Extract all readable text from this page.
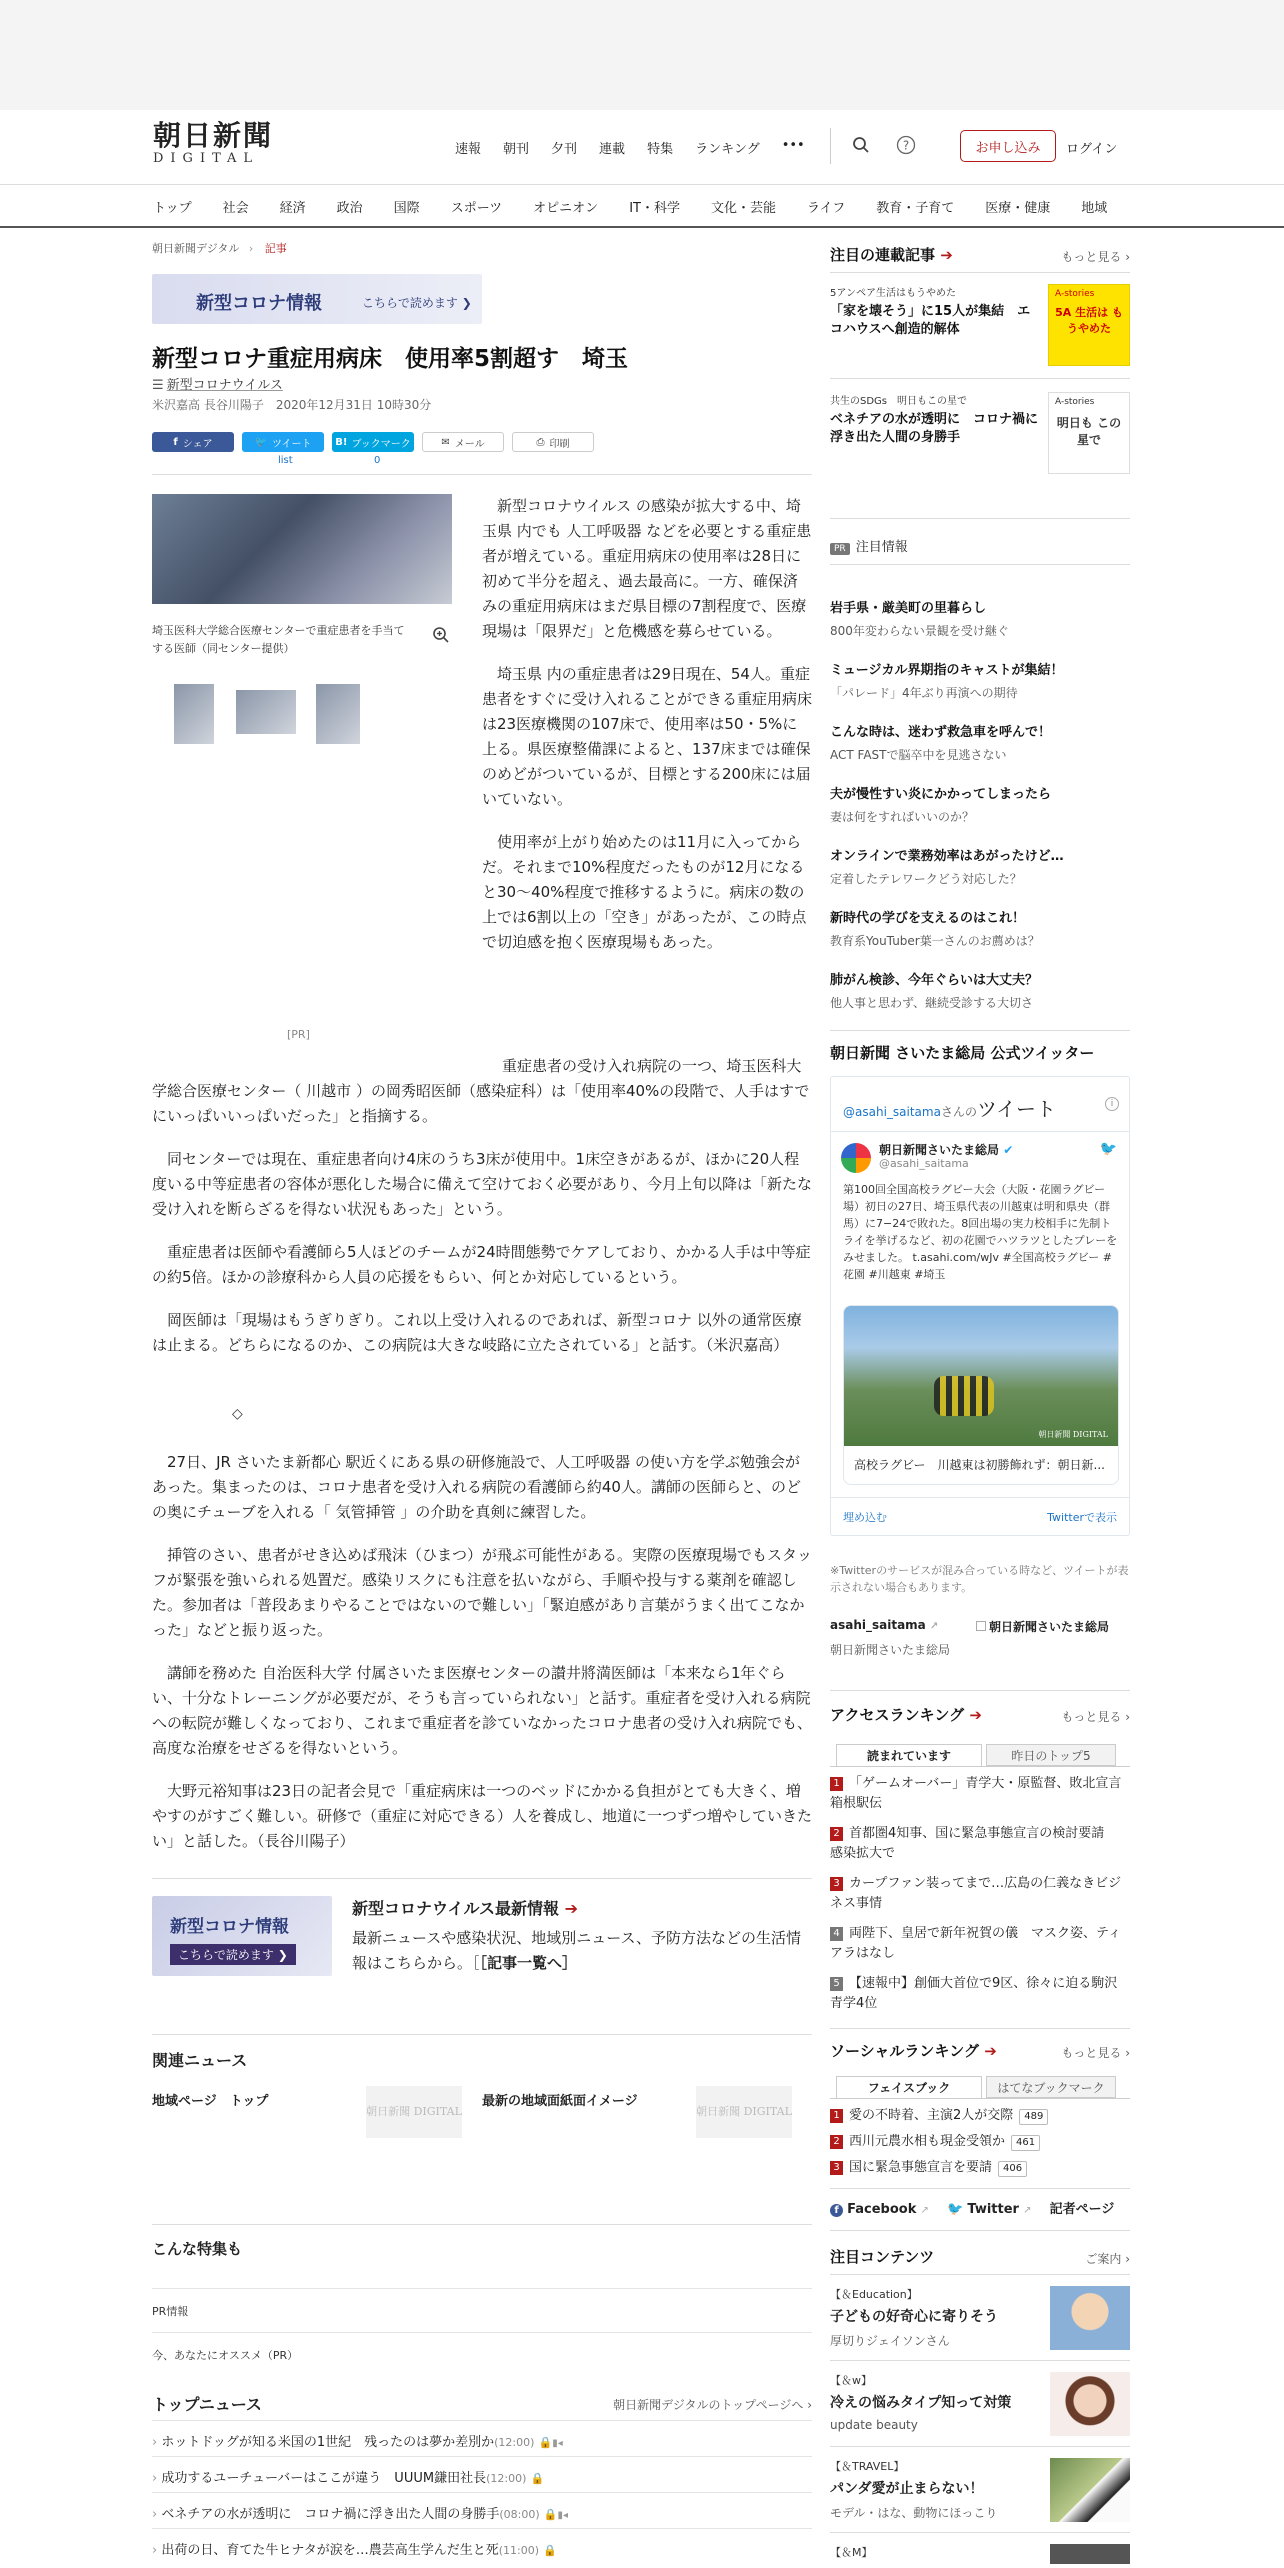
朝日新聞
DIGITAL
速報 朝刊 夕刊 連載 特集 ランキング •••	?	お申し込み	ログイン
トップ 社会 経済 政治 国際 スポーツ オピニオン IT・科学 文化・芸能 ライフ 教育・子育て 医療・健康 地域
朝日新聞デジタル › 記事
新型コロナ情報	こちらで読めます ❯
新型コロナ重症用病床　使用率5割超す　埼玉
☰ 新型コロナウイルス
米沢嘉高 長谷川陽子　 2020年12月31日 10時30分
f シェア	🐦 ツイート B! ブックマーク	✉ メール	⎙ 印刷
list	0
埼玉医科大学総合医療センターで重症患者を手当てする医師（同センター提供）
[PR]

新型コロナウイルス の感染が拡大する中、埼玉県 内でも 人工呼吸器 などを必要とする重症患者が増えている。重症用病床の使用率は28日に初めて半分を超え、過去最高に。一方、確保済みの重症用病床はまだ県目標の7割程度で、医療現場は「限界だ」と危機感を募らせている。

埼玉県 内の重症患者は29日現在、54人。重症患者をすぐに受け入れることができる重症用病床は23医療機関の107床で、使用率は50・5%に上る。県医療整備課によると、137床までは確保のめどがついているが、目標とする200床には届いていない。

使用率が上がり始めたのは11月に入ってからだ。それまで10%程度だったものが12月になると30～40%程度で推移するように。病床の数の上では6割以上の「空き」があったが、この時点で切迫感を抱く医療現場もあった。

重症患者の受け入れ病院の一つ、埼玉医科大学総合医療センター（ 川越市 ）の岡秀昭医師（感染症科）は「使用率40%の段階で、人手はすでにいっぱいいっぱいだった」と指摘する。

同センターでは現在、重症患者向け4床のうち3床が使用中。1床空きがあるが、ほかに20人程度いる中等症患者の容体が悪化した場合に備えて空けておく必要があり、今月上旬以降は「新たな受け入れを断らざるを得ない状況もあった」という。

重症患者は医師や看護師ら5人ほどのチームが24時間態勢でケアしており、かかる人手は中等症の約5倍。ほかの診療科から人員の応援をもらい、何とか対応しているという。

岡医師は「現場はもうぎりぎり。これ以上受け入れるのであれば、新型コロナ 以外の通常医療は止まる。どちらになるのか、この病院は大きな岐路に立たされている」と話す。（米沢嘉高）

◇

27日、JR さいたま新都心 駅近くにある県の研修施設で、人工呼吸器 の使い方を学ぶ勉強会があった。集まったのは、コロナ患者を受け入れる病院の看護師ら約40人。講師の医師らと、のどの奥にチューブを入れる「 気管挿管 」の介助を真剣に練習した。

挿管のさい、患者がせき込めば飛沫（ひまつ）が飛ぶ可能性がある。実際の医療現場でもスタッフが緊張を強いられる処置だ。感染リスクにも注意を払いながら、手順や投与する薬剤を確認した。参加者は「普段あまりやることではないので難しい」「緊迫感があり言葉がうまく出てこなかった」などと振り返った。

講師を務めた 自治医科大学 付属さいたま医療センターの讃井將満医師は「本来なら1年ぐらい、十分なトレーニングが必要だが、そうも言っていられない」と話す。重症者を受け入れる病院への転院が難しくなっており、これまで重症者を診ていなかったコロナ患者の受け入れ病院でも、高度な治療をせざるを得ないという。

大野元裕知事は23日の記者会見で「重症病床は一つのベッドにかかる負担がとても大きく、増やすのがすごく難しい。研修で（重症に対応できる）人を養成し、地道に一つずつ増やしていきたい」と話した。（長谷川陽子）

新型コロナ情報
こちらで読めます ❯
新型コロナウイルス最新情報 ➔
最新ニュースや感染状況、地域別ニュース、予防方法などの生活情報はこちらから。［［記事一覧へ］
関連ニュース
地域ページ　トップ
朝日新聞 DIGITAL
最新の地域面紙面イメージ
朝日新聞 DIGITAL
こんな特集も
PR情報
今、あなたにオススメ（PR）
トップニュース	朝日新聞デジタルのトップページへ ›
› ホットドッグが知る米国の1世紀　残ったのは夢か差別か(12:00) 🔒▮◂
› 成功するユーチューバーはここが違う　UUUM鎌田社長(12:00) 🔒
› ベネチアの水が透明に　コロナ禍に浮き出た人間の身勝手(08:00) 🔒▮◂
› 出荷の日、育てた牛ヒナタが涙を…農芸高生学んだ生と死(11:00) 🔒
注目の連載記事 ➔	もっと見る ›
5アンペア生活はもうやめた
「家を壊そう」に15人が集結　エコハウスへ創造的解体
A-stories
5A 生活は もうやめた
共生のSDGs　明日もこの星で
ベネチアの水が透明に　コロナ禍に浮き出た人間の身勝手
A-stories
明日も この星で
PR 注目情報
岩手県・厳美町の里暮らし
800年変わらない景観を受け継ぐ
ミュージカル界期指のキャストが集結！
「パレード」4年ぶり再演への期待
こんな時は、迷わず救急車を呼んで！
ACT FASTで脳卒中を見逃さない
夫が慢性すい炎にかかってしまったら
妻は何をすればいいのか？
オンラインで業務効率はあがったけど…
定着したテレワークどう対応した？
新時代の学びを支えるのはこれ！
教育系YouTuber葉一さんのお薦めは？
肺がん検診、今年ぐらいは大丈夫？
他人事と思わず、継続受診する大切さ
朝日新聞 さいたま総局 公式ツイッター
@asahi_saitamaさんのツイート	i
朝日新聞さいたま総局 ✔
@asahi_saitama
🐦
第100回全国高校ラグビー大会（大阪・花園ラグビー場）初日の27日、埼玉県代表の川越東は明和県央（群馬）に7−24で敗れた。8回出場の実力校相手に先制トライを挙げるなど、初の花園でハツラツとしたプレーをみせました。 t.asahi.com/wJv #全国高校ラグビー #花園 #川越東 #埼玉
朝日新聞 DIGITAL
高校ラグビー　川越東は初勝飾れず：朝日新...
埋め込む	Twitterで表示
※Twitterのサービスが混み合っている時など、ツイートが表示されない場合もあります。
asahi_saitama ↗	朝日新聞さいたま総局
朝日新聞さいたま総局
アクセスランキング ➔	もっと見る ›
読まれています	昨日のトップ5
1 「ゲームオーバー」青学大・原監督、敗北宣言　箱根駅伝
2 首都圏4知事、国に緊急事態宣言の検討要請　感染拡大で
3 カープファン装ってまで…広島の仁義なきビジネス事情
4 両陛下、皇居で新年祝賀の儀　マスク姿、ティアラはなし
5 【速報中】創価大首位で9区、徐々に迫る駒沢　青学4位
ソーシャルランキング ➔	もっと見る ›
フェイスブック	はてなブックマーク
1 愛の不時着、主演2人が交際 489
2 西川元農水相も現金受領か 461
3 国に緊急事態宣言を要請 406
f Facebook ↗ 🐦 Twitter ↗ 記者ページ
注目コンテンツ	ご案内 ›
【＆Education】
子どもの好奇心に寄りそう
厚切りジェイソンさん
【＆w】
冷えの悩みタイプ知って対策
update beauty
【＆TRAVEL】
パンダ愛が止まらない！
モデル・はな、動物にほっこり
【＆M】
